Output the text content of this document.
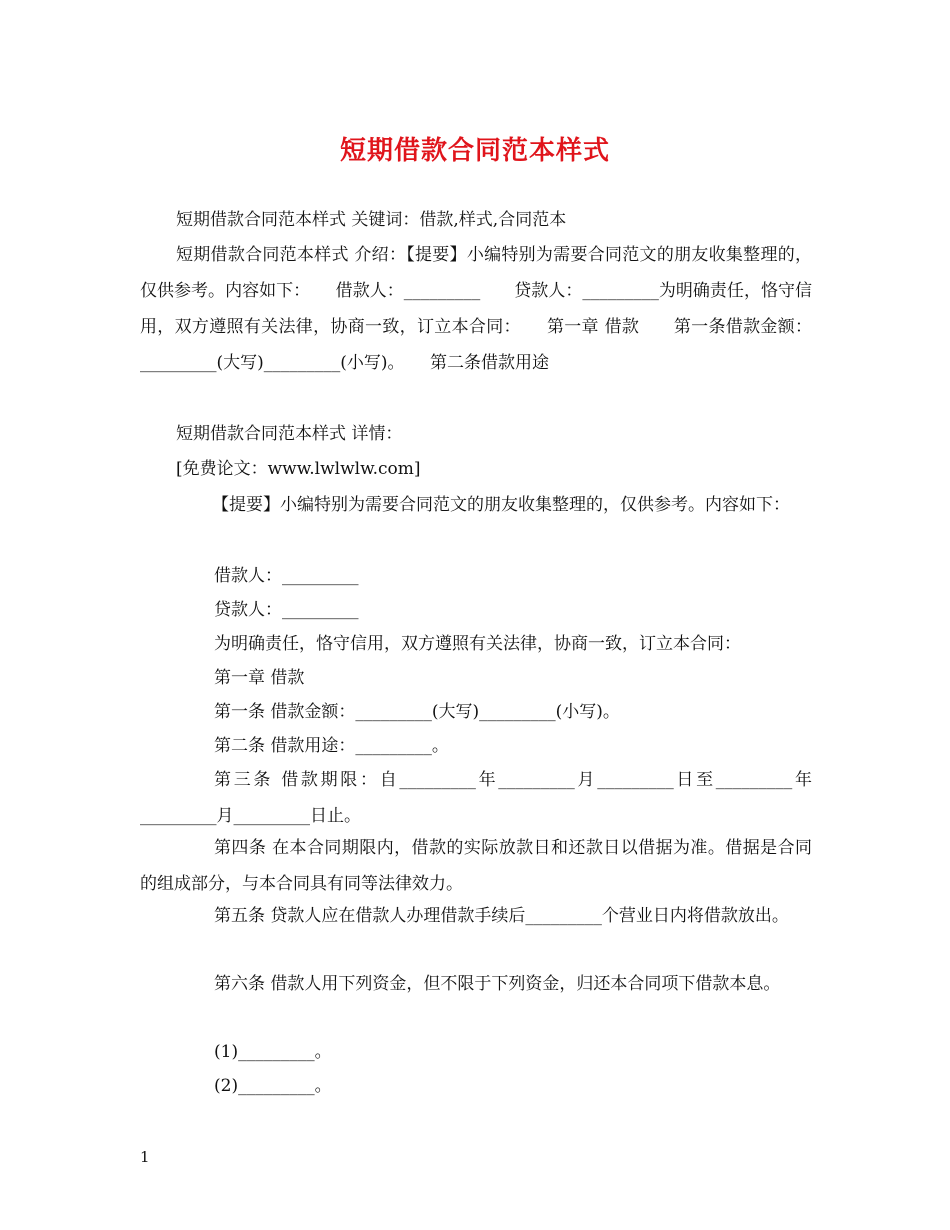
短期借款合同范本样式
短期借款合同范本样式 关键词：借款,样式,合同范本
短期借款合同范本样式 介绍：【提要】小编特别为需要合同范文的朋友收集整理的，仅供参考。内容如下：　　借款人：_________　　贷款人：_________为明确责任，恪守信用，双方遵照有关法律，协商一致，订立本合同：　　第一章 借款　　第一条借款金额：_________(大写)_________(小写)。　　第二条借款用途
短期借款合同范本样式 详情：
[免费论文：www.lwlwlw.com]
【提要】小编特别为需要合同范文的朋友收集整理的，仅供参考。内容如下：
借款人：_________
贷款人：_________
为明确责任，恪守信用，双方遵照有关法律，协商一致，订立本合同：
第一章 借款
第一条 借款金额：_________(大写)_________(小写)。
第二条 借款用途：_________。
第三条 借款期限：自_________年_________月_________日至_________年_________月_________日止。
第四条 在本合同期限内，借款的实际放款日和还款日以借据为准。借据是合同的组成部分，与本合同具有同等法律效力。
第五条 贷款人应在借款人办理借款手续后_________个营业日内将借款放出。
第六条 借款人用下列资金，但不限于下列资金，归还本合同项下借款本息。
(1)_________。
(2)_________。
1
